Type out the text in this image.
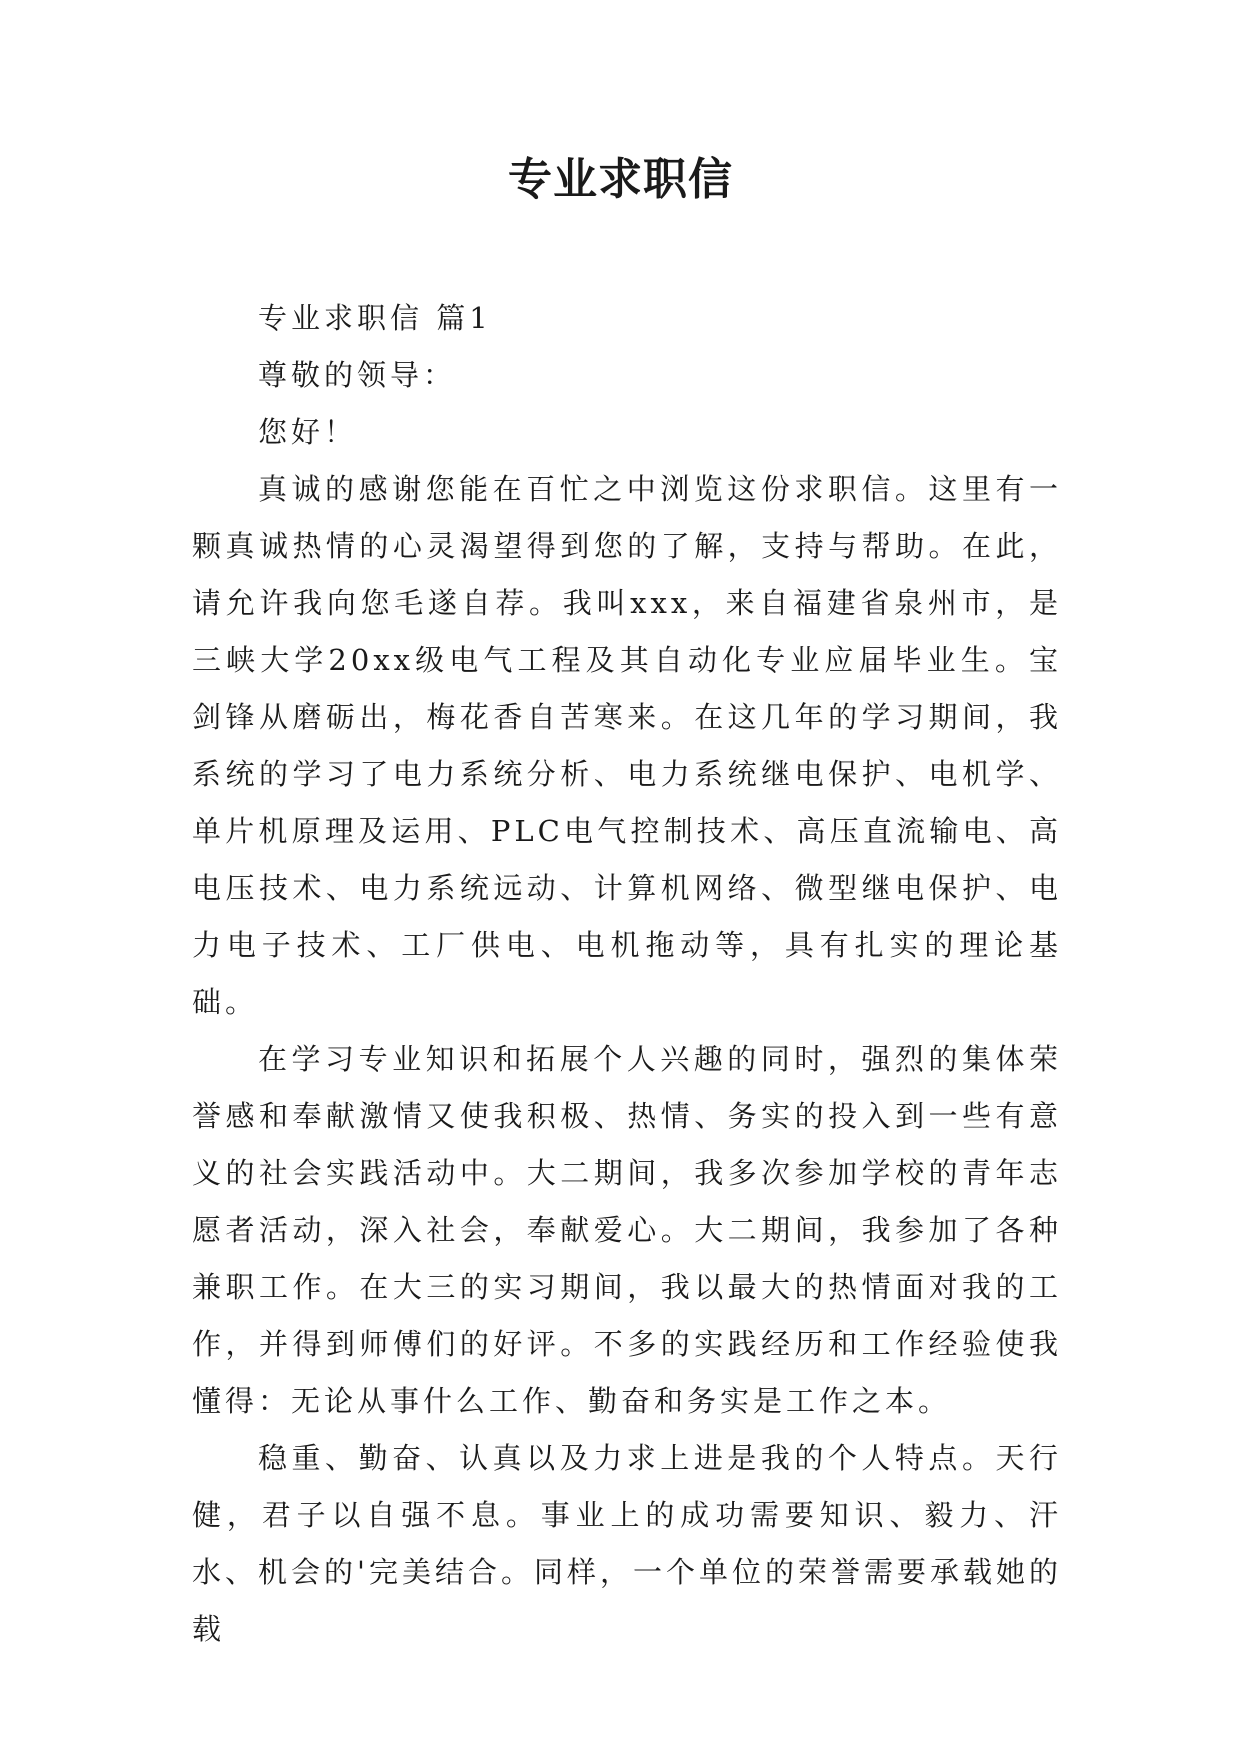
专业求职信

专业求职信 篇1

尊敬的领导：

您好！

真诚的感谢您能在百忙之中浏览这份求职信。这里有一颗真诚热情的心灵渴望得到您的了解，支持与帮助。在此，请允许我向您毛遂自荐。我叫xxx，来自福建省泉州市，是三峡大学20xx级电气工程及其自动化专业应届毕业生。宝剑锋从磨砺出，梅花香自苦寒来。在这几年的学习期间，我系统的学习了电力系统分析、电力系统继电保护、电机学、单片机原理及运用、PLC电气控制技术、高压直流输电、高电压技术、电力系统远动、计算机网络、微型继电保护、电力电子技术、工厂供电、电机拖动等，具有扎实的理论基础。

在学习专业知识和拓展个人兴趣的同时，强烈的集体荣誉感和奉献激情又使我积极、热情、务实的投入到一些有意义的社会实践活动中。大二期间，我多次参加学校的青年志愿者活动，深入社会，奉献爱心。大二期间，我参加了各种兼职工作。在大三的实习期间，我以最大的热情面对我的工作，并得到师傅们的好评。不多的实践经历和工作经验使我懂得：无论从事什么工作、勤奋和务实是工作之本。

稳重、勤奋、认真以及力求上进是我的个人特点。天行健，君子以自强不息。事业上的成功需要知识、毅力、汗水、机会的'完美结合。同样，一个单位的荣誉需要承载她的载
